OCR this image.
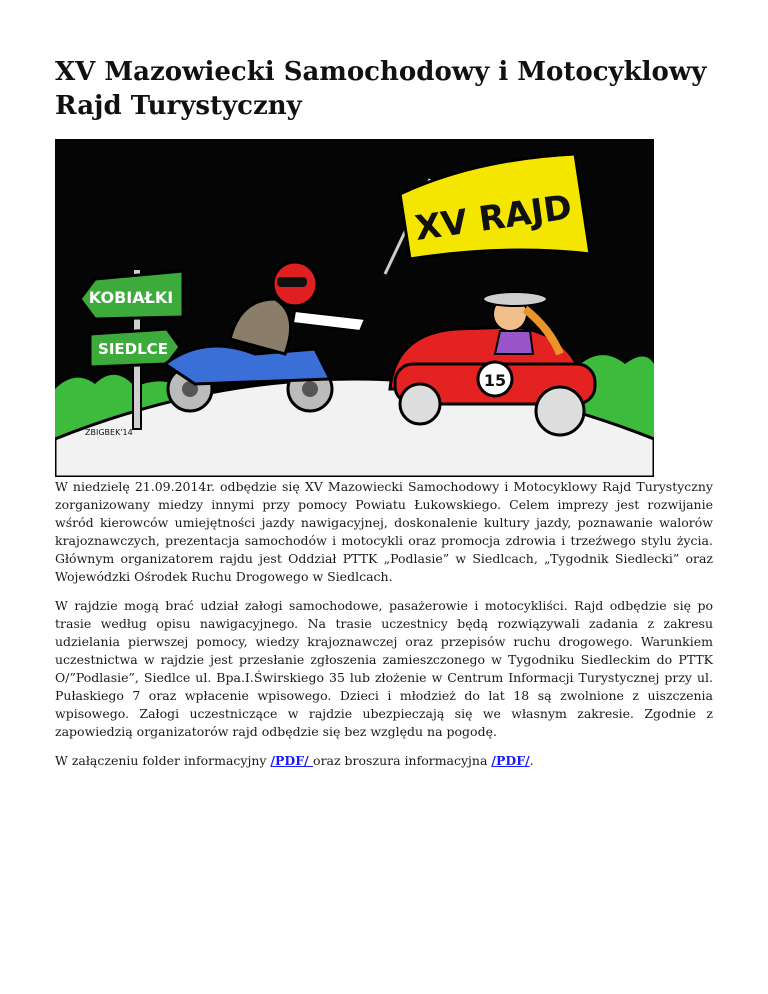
XV Mazowiecki Samochodowy i Motocyklowy Rajd Turystyczny
KOBIAŁKI
SIEDLCE
XV RAJD
15
ZBIGBEK'14

W niedzielę 21.09.2014r. odbędzie się XV Mazowiecki Samochodowy i Motocyklowy Rajd Turystyczny zorganizowany miedzy innymi przy pomocy Powiatu Łukowskiego. Celem imprezy jest rozwijanie wśród kierowców umiejętności jazdy nawigacyjnej, doskonalenie kultury jazdy, poznawanie walorów krajoznawczych, prezentacja samochodów i motocykli oraz promocja zdrowia i trzeźwego stylu życia. Głównym organizatorem rajdu jest Oddział PTTK „Podlasie” w Siedlcach, „Tygodnik Siedlecki” oraz Wojewódzki Ośrodek Ruchu Drogowego w Siedlcach.

W rajdzie mogą brać udział załogi samochodowe, pasażerowie i motocykliści. Rajd odbędzie się po trasie według opisu nawigacyjnego. Na trasie uczestnicy będą rozwiązywali zadania z zakresu udzielania pierwszej pomocy, wiedzy krajoznawczej oraz przepisów ruchu drogowego. Warunkiem uczestnictwa w rajdzie jest przesłanie zgłoszenia zamieszczonego w Tygodniku Siedleckim do PTTK O/”Podlasie”, Siedlce ul. Bpa.I.Świrskiego 35 lub złożenie w Centrum Informacji Turystycznej przy ul. Pułaskiego 7 oraz wpłacenie wpisowego. Dzieci i młodzież do lat 18 są zwolnione z uiszczenia wpisowego. Załogi uczestniczące w rajdzie ubezpieczają się we własnym zakresie. Zgodnie z zapowiedzią organizatorów rajd odbędzie się bez względu na pogodę.

W załączeniu folder informacyjny /PDF/ oraz broszura informacyjna /PDF/.
